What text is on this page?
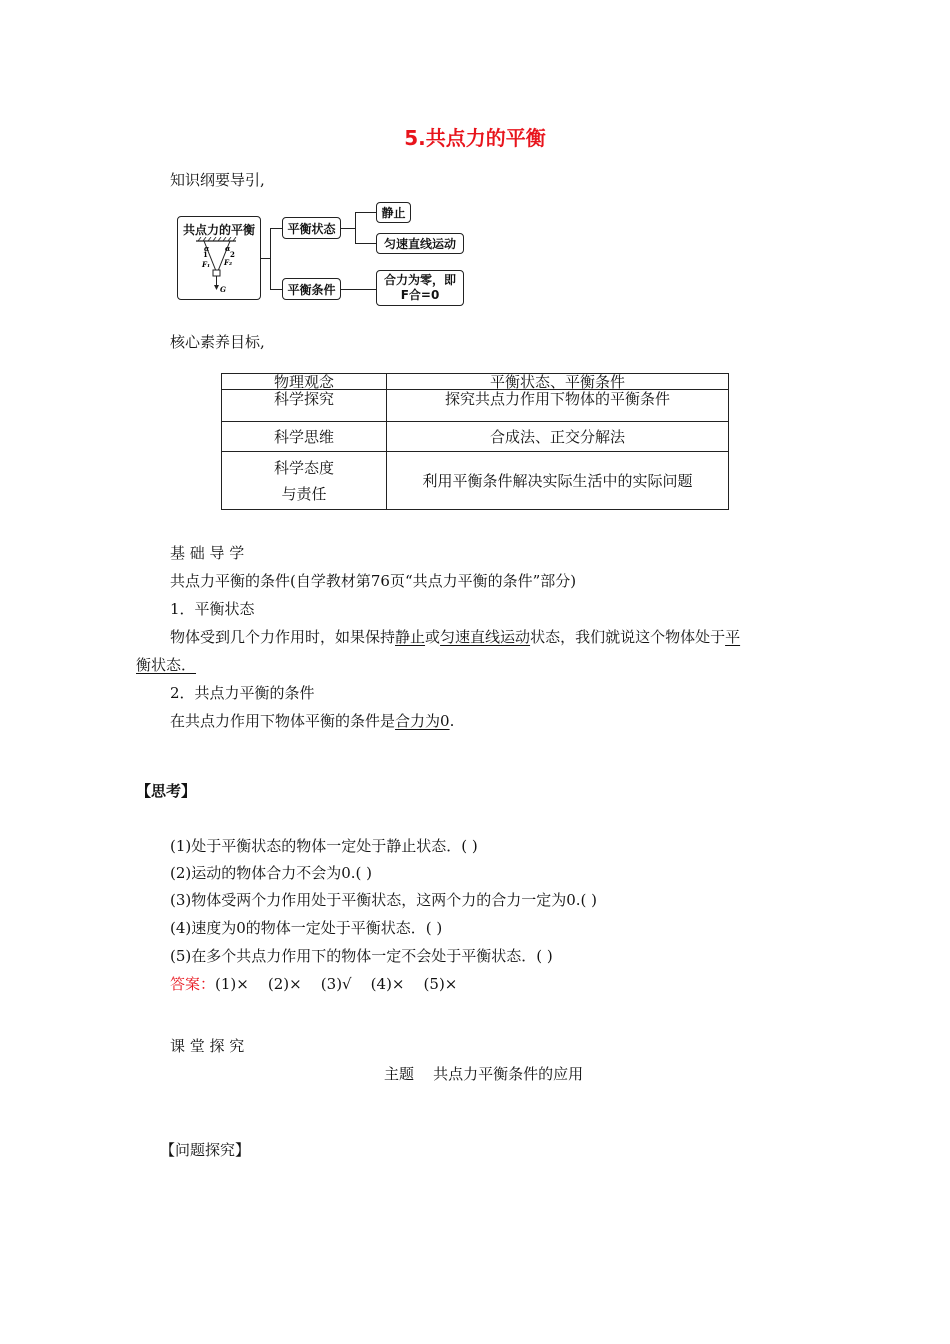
5.共点力的平衡
知识纲要导引,
共点力的平衡
α α
1	2
F₁ F₂
G
平衡状态
平衡条件
静止
匀速直线运动
合力为零，即
F合=0
核心素养目标,
物理观念	平衡状态、平衡条件
科学探究	探究共点力作用下物体的平衡条件
科学思维	合成法、正交分解法

科学态度
与责任	利用平衡条件解决实际生活中的实际问题
基 础 导 学
共点力平衡的条件(自学教材第76页“共点力平衡的条件”部分)
1．平衡状态
物体受到几个力作用时，如果保持静止或匀速直线运动状态，我们就说这个物体处于平
衡状态．
2．共点力平衡的条件
在共点力作用下物体平衡的条件是合力为0.
【思考】
(1)处于平衡状态的物体一定处于静止状态．( )
(2)运动的物体合力不会为0.( )
(3)物体受两个力作用处于平衡状态，这两个力的合力一定为0.( )
(4)速度为0的物体一定处于平衡状态．( )
(5)在多个共点力作用下的物体一定不会处于平衡状态．( )
答案：(1)×    (2)×    (3)√    (4)×    (5)×
课 堂 探 究
主题    共点力平衡条件的应用
【问题探究】
